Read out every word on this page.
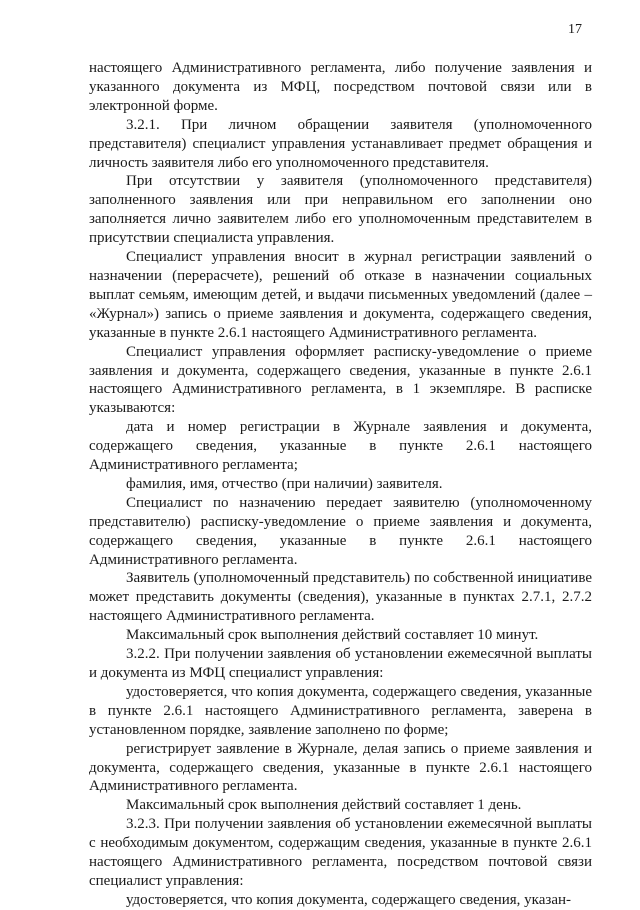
17

настоящего Административного регламента, либо получение заявления и указанного документа из МФЦ, посредством почтовой связи или в электронной форме.

3.2.1. При личном обращении заявителя (уполномоченного представителя) специалист управления устанавливает предмет обращения и личность заявителя либо его уполномоченного представителя.

При отсутствии у заявителя (уполномоченного представителя) заполненного заявления или при неправильном его заполнении оно заполняется лично заявителем либо его уполномоченным представителем в присутствии специалиста управления.

Специалист управления вносит в журнал регистрации заявлений о назначении (перерасчете), решений об отказе в назначении социальных выплат семьям, имеющим детей, и выдачи письменных уведомлений (далее – «Журнал») запись о приеме заявления и документа, содержащего сведения, указанные в пункте 2.6.1 настоящего Административного регламента.

Специалист управления оформляет расписку-уведомление о приеме заявления и документа, содержащего сведения, указанные в пункте 2.6.1 настоящего Административного регламента, в 1 экземпляре. В расписке указываются:

дата и номер регистрации в Журнале заявления и документа, содержащего сведения, указанные в пункте 2.6.1 настоящего Административного регламента;

фамилия, имя, отчество (при наличии) заявителя.

Специалист по назначению передает заявителю (уполномоченному представителю) расписку-уведомление о приеме заявления и документа, содержащего сведения, указанные в пункте 2.6.1 настоящего Административного регламента.

Заявитель (уполномоченный представитель) по собственной инициативе может представить документы (сведения), указанные в пунктах 2.7.1, 2.7.2 настоящего Административного регламента.

Максимальный срок выполнения действий составляет 10 минут.

3.2.2. При получении заявления об установлении ежемесячной выплаты и документа из МФЦ специалист управления:

удостоверяется, что копия документа, содержащего сведения, указанные в пункте 2.6.1 настоящего Административного регламента, заверена в установленном порядке, заявление заполнено по форме;

регистрирует заявление в Журнале, делая запись о приеме заявления и документа, содержащего сведения, указанные в пункте 2.6.1 настоящего Административного регламента.

Максимальный срок выполнения действий составляет 1 день.

3.2.3. При получении заявления об установлении ежемесячной выплаты с необходимым документом, содержащим сведения, указанные в пункте 2.6.1 настоящего Административного регламента, посредством почтовой связи специалист управления:

удостоверяется, что копия документа, содержащего сведения, указан-
